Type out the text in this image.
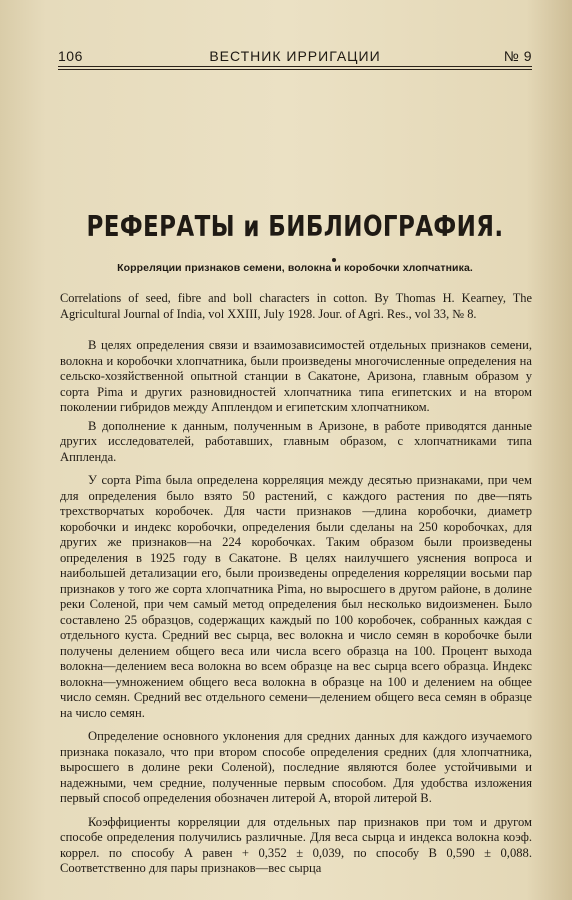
106	ВЕСТНИК ИРРИГАЦИИ	№ 9
РЕФЕРАТЫ и БИБЛИОГРАФИЯ.
Корреляции признаков семени, волокна и коробочки хлопчатника.
Correlations of seed, fibre and boll characters in cotton. By Thomas H. Kearney, The Agricultural Journal of India, vol XXIII, July 1928. Jour. of Agri. Res., vol 33, № 8.

В целях определения связи и взаимозависимостей отдельных признаков семени, волокна и коробочки хлопчатника, были произведены многочисленные определения на сельско-хозяйственной опытной станции в Сакатоне, Аризона, главным образом у сорта Pima и других разновидностей хлопчатника типа египетских и на втором поколении гибридов между Апплендом и египетским хлопчатником.

В дополнение к данным, полученным в Аризоне, в работе приводятся данные других исследователей, работавших, главным образом, с хлопчатниками типа Аппленда.

У сорта Pima была определена корреляция между десятью признаками, при чем для определения было взято 50 растений, с каждого растения по две—пять трехстворчатых коробочек. Для части признаков —длина коробочки, диаметр коробочки и индекс коробочки, определения были сделаны на 250 коробочках, для других же признаков—на 224 коробочках. Таким образом были произведены определения в 1925 году в Сакатоне. В целях наилучшего уяснения вопроса и наибольшей детализации его, были произведены определения корреляции восьми пар признаков у того же сорта хлопчатника Pima, но выросшего в другом районе, в долине реки Соленой, при чем самый метод определения был несколько видоизменен. Было составлено 25 образцов, содержащих каждый по 100 коробочек, собранных каждая с отдельного куста. Средний вес сырца, вес волокна и число семян в коробочке были получены делением общего веса или числа всего образца на 100. Процент выхода волокна—делением веса волокна во всем образце на вес сырца всего образца. Индекс волокна—умножением общего веса волокна в образце на 100 и делением на общее число семян. Средний вес отдельного семени—делением общего веса семян в образце на число семян.

Определение основного уклонения для средних данных для каждого изучаемого признака показало, что при втором способе определения средних (для хлопчатника, выросшего в долине реки Соленой), последние являются более устойчивыми и надежными, чем средние, полученные первым способом. Для удобства изложения первый способ определения обозначен литерой А, второй литерой В.

Коэффициенты корреляции для отдельных пар признаков при том и другом способе определения получились различные. Для веса сырца и индекса волокна коэф. коррел. по способу А равен + 0,352 ± 0,039, по способу В 0,590 ± 0,088. Соответственно для пары признаков—вес сырца
